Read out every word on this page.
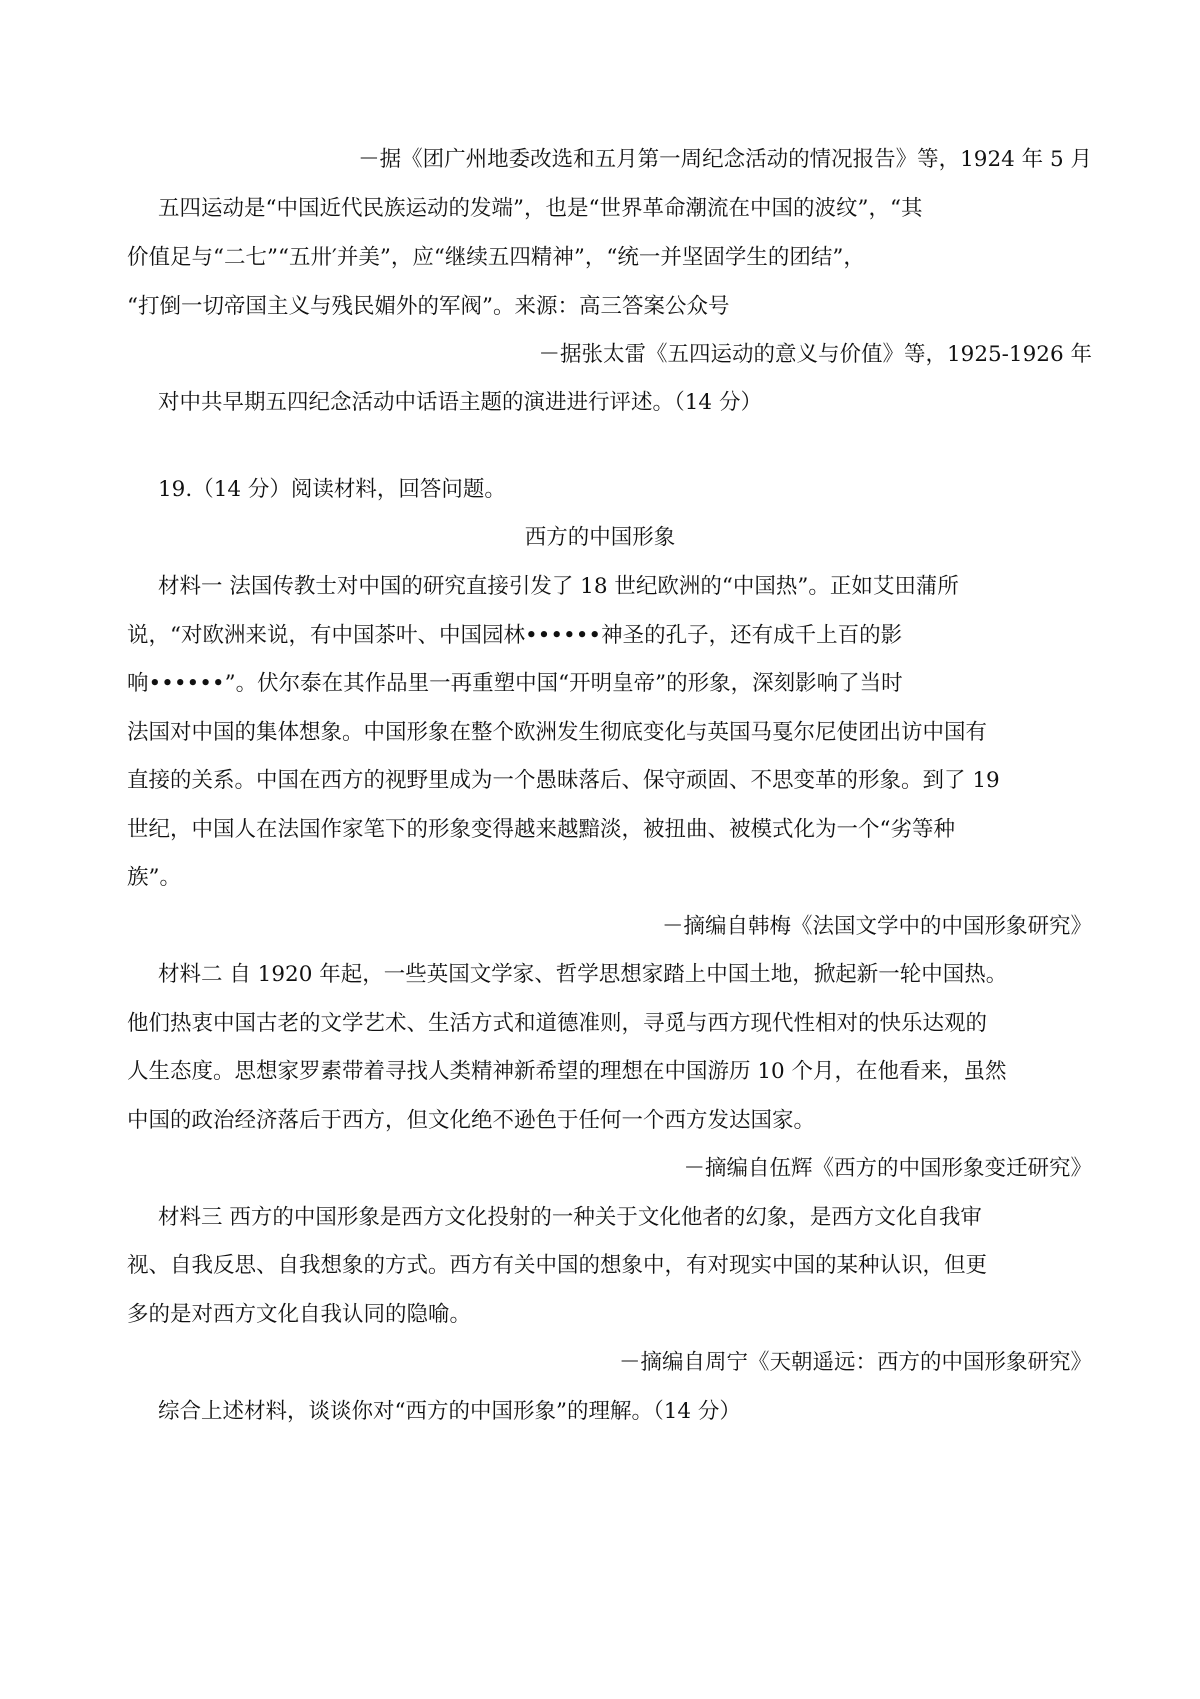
－据《团广州地委改选和五月第一周纪念活动的情况报告》等，1924 年 5 月
五四运动是“中国近代民族运动的发端”，也是“世界革命潮流在中国的波纹”，“其
价值足与“二七”“五卅′并美”，应“继续五四精神”，“统一并坚固学生的团结”，
“打倒一切帝国主义与残民媚外的军阀”。来源：高三答案公众号
－据张太雷《五四运动的意义与价值》等，1925-1926 年
对中共早期五四纪念活动中话语主题的演进进行评述。（14 分）
19.（14 分）阅读材料，回答问题。
西方的中国形象
材料一 法国传教士对中国的研究直接引发了 18 世纪欧洲的“中国热”。正如艾田蒲所
说，“对欧洲来说，有中国茶叶、中国园林••••••神圣的孔子，还有成千上百的影
响••••••”。伏尔泰在其作品里一再重塑中国“开明皇帝”的形象，深刻影响了当时
法国对中国的集体想象。中国形象在整个欧洲发生彻底变化与英国马戛尔尼使团出访中国有
直接的关系。中国在西方的视野里成为一个愚昧落后、保守顽固、不思变革的形象。到了 19
世纪，中国人在法国作家笔下的形象变得越来越黯淡，被扭曲、被模式化为一个“劣等种
族”。
－摘编自韩梅《法国文学中的中国形象研究》
材料二 自 1920 年起，一些英国文学家、哲学思想家踏上中国土地，掀起新一轮中国热。
他们热衷中国古老的文学艺术、生活方式和道德准则，寻觅与西方现代性相对的快乐达观的
人生态度。思想家罗素带着寻找人类精神新希望的理想在中国游历 10 个月，在他看来，虽然
中国的政治经济落后于西方，但文化绝不逊色于任何一个西方发达国家。
－摘编自伍辉《西方的中国形象变迁研究》
材料三 西方的中国形象是西方文化投射的一种关于文化他者的幻象，是西方文化自我审
视、自我反思、自我想象的方式。西方有关中国的想象中，有对现实中国的某种认识，但更
多的是对西方文化自我认同的隐喻。
－摘编自周宁《天朝遥远：西方的中国形象研究》
综合上述材料，谈谈你对“西方的中国形象”的理解。（14 分）
